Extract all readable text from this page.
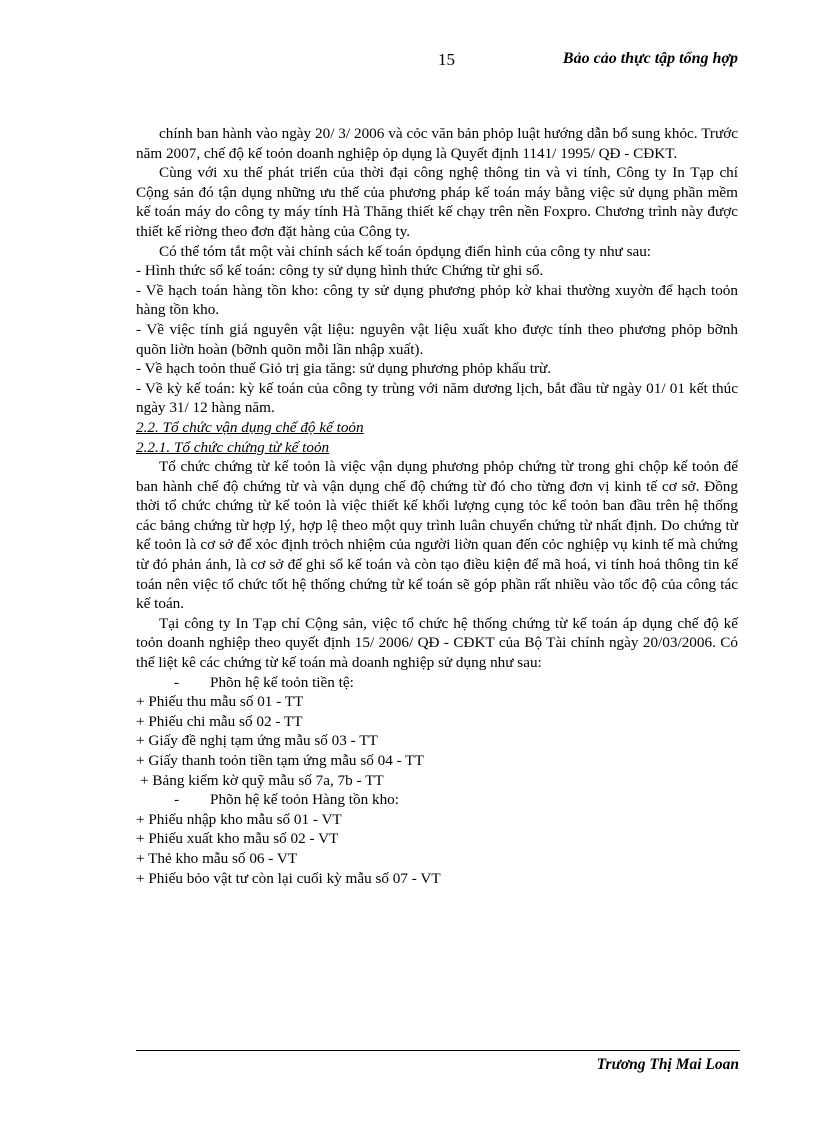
15	Bảo cảo thực tập tổng hợp

chính ban hành vào ngày 20/ 3/ 2006 và cỏc văn bản phỏp luật hướng dẫn bổ sung khỏc. Trước năm 2007, chế độ kế toỏn doanh nghiệp ỏp dụng là Quyết định 1141/ 1995/ QĐ - CĐKT.

Cùng với xu thế phát triển của thời đại công nghệ thông tin và vi tính, Công ty In Tạp chí Cộng sản đó tận dụng những ưu thế của phương pháp kế toán máy bằng việc sử dụng phần mềm kế toán máy do công ty máy tính Hà Thăng thiết kế chạy trên nền Foxpro. Chương trình này được thiết kế riờng theo đơn đặt hàng của Công ty.

Có thể tóm tắt một vài chính sách kế toán ỏpdụng điển hình của công ty như sau:

- Hình thức sổ kế toán: công ty sử dụng hình thức Chứng từ ghi sổ.

- Về hạch toán hàng tồn kho: công ty sử dụng phương phỏp kờ khai thường xuyờn để hạch toỏn hàng tồn kho.

- Về việc tính giá nguyên vật liệu: nguyên vật liệu xuất kho được tính theo phương phỏp bỡnh quõn liờn hoàn (bỡnh quõn mỗi lần nhập xuất).

- Về hạch toỏn thuế Giỏ trị gia tăng: sử dụng phương phỏp khấu trừ.

- Về kỳ kế toán: kỳ kế toán của công ty trùng với năm dương lịch, bắt đầu từ ngày 01/ 01 kết thúc ngày 31/ 12 hàng năm.

2.2. Tổ chức vận dụng chế độ kế toỏn

2.2.1. Tổ chức chứng từ kế toỏn

Tổ chức chứng từ kế toỏn là việc vận dụng phương phỏp chứng từ trong ghi chộp kế toỏn để ban hành chế độ chứng từ và vận dụng chế độ chứng từ đó cho từng đơn vị kinh tế cơ sở. Đồng thời tổ chức chứng từ kế toỏn là việc thiết kế khối lượng cụng tỏc kế toỏn ban đầu trên hệ thống các bảng chứng từ hợp lý, hợp lệ theo một quy trình luân chuyển chứng từ nhất định. Do chứng từ kế toỏn là cơ sở để xỏc định trỏch nhiệm của người liờn quan đến cỏc nghiệp vụ kinh tế mà chứng từ đó phản ánh, là cơ sở để ghi sổ kế toán và còn tạo điều kiện để mã hoá, vi tính hoá thông tin kế toán nên việc tổ chức tốt hệ thống chứng từ kế toán sẽ góp phần rất nhiều vào tốc độ của công tác kế toán.

Tại công ty In Tạp chí Cộng sản, việc tổ chức hệ thống chứng từ kế toán áp dụng chế độ kế toỏn doanh nghiệp theo quyết định 15/ 2006/ QĐ - CĐKT của Bộ Tài chính ngày 20/03/2006. Có thể liệt kê các chứng từ kế toán mà doanh nghiệp sử dụng như sau:

- Phõn hệ kế toỏn tiền tệ:

+ Phiếu thu mẫu số 01 - TT

+ Phiếu chi mẫu số 02 - TT

+ Giấy đề nghị tạm ứng mẫu số 03 - TT

+ Giấy thanh toỏn tiền tạm ứng mẫu số 04 - TT

+ Bảng kiểm kờ quỹ mẫu số 7a, 7b - TT

- Phõn hệ kế toỏn Hàng tồn kho:

+ Phiếu nhập kho mẫu số 01 - VT

+ Phiếu xuất kho mẫu số 02 - VT

+ Thẻ kho mẫu số 06 - VT

+ Phiếu bỏo vật tư còn lại cuối kỳ mẫu số 07 - VT

Trương Thị Mai Loan
